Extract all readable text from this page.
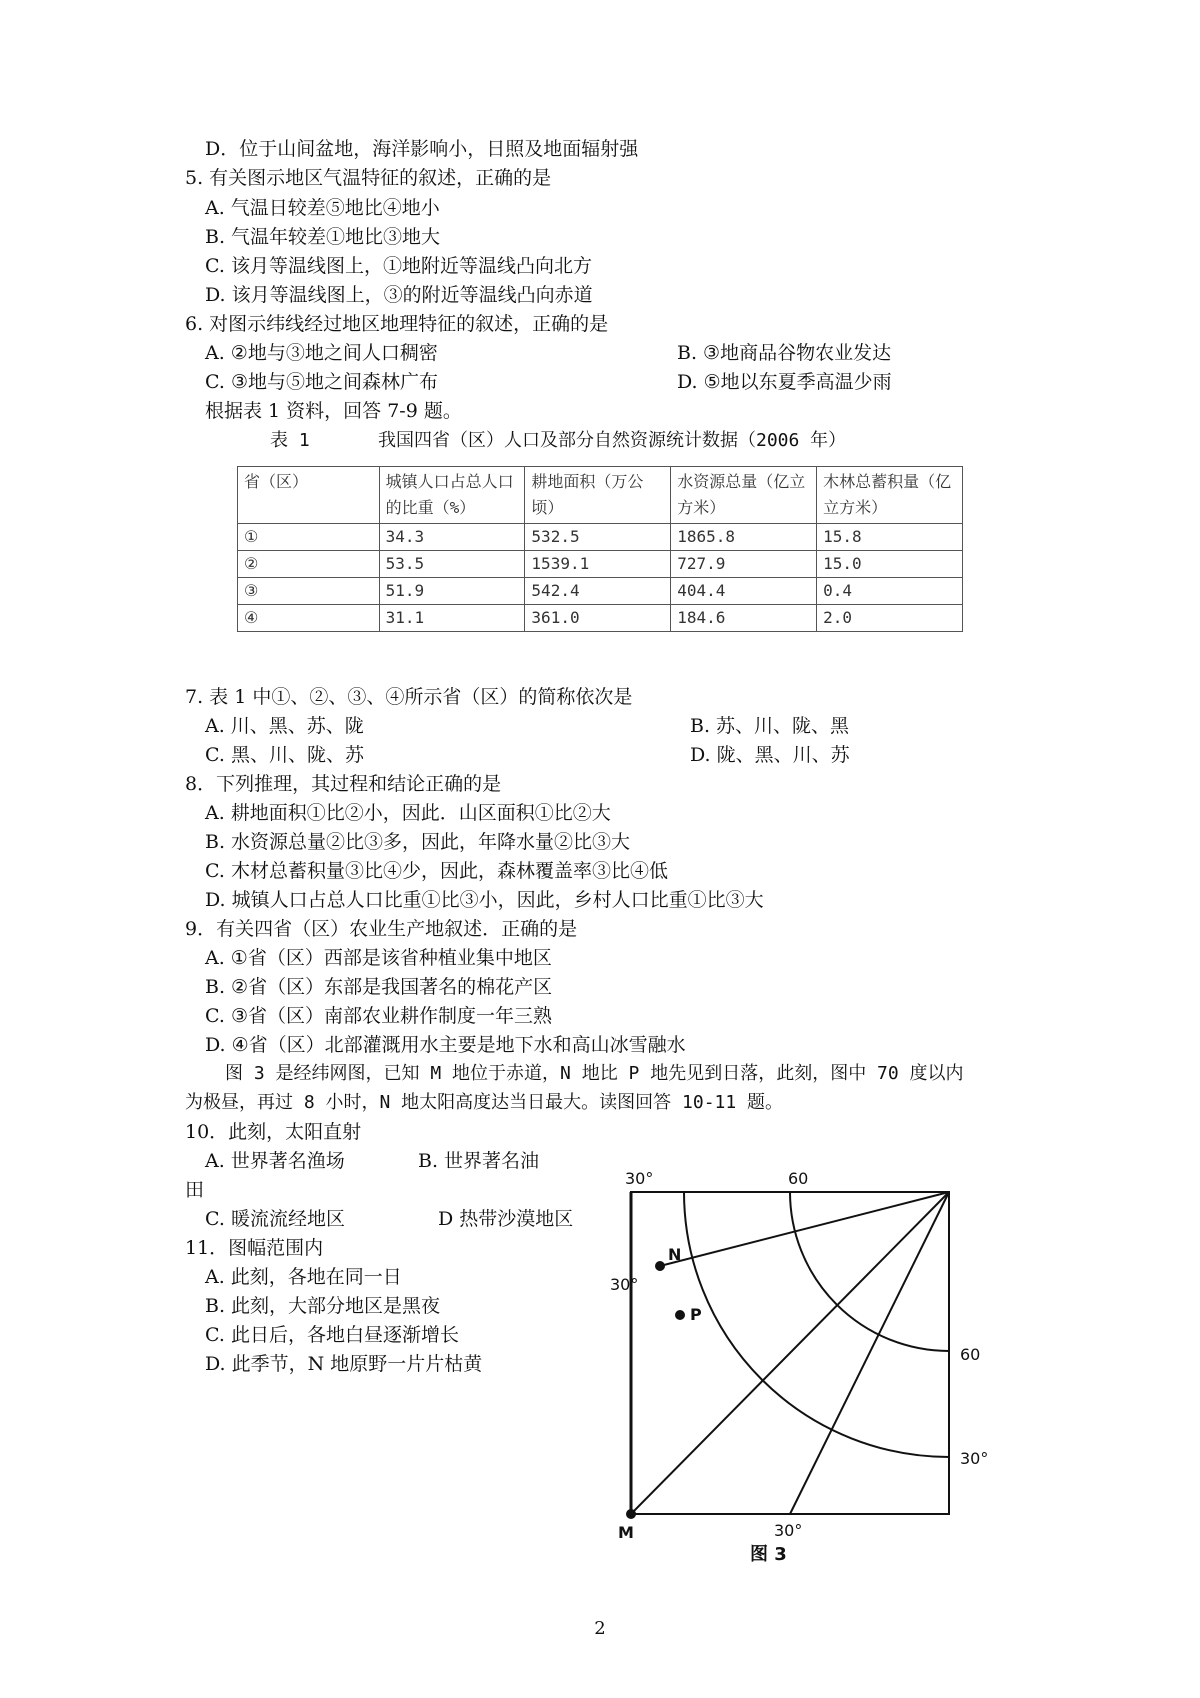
D．位于山间盆地，海洋影响小，日照及地面辐射强
5. 有关图示地区气温特征的叙述，正确的是
A. 气温日较差⑤地比④地小
B. 气温年较差①地比③地大
C. 该月等温线图上，①地附近等温线凸向北方
D. 该月等温线图上，③的附近等温线凸向赤道
6. 对图示纬线经过地区地理特征的叙述，正确的是
A. ②地与③地之间人口稠密	B. ③地商品谷物农业发达
C. ③地与⑤地之间森林广布	D. ⑤地以东夏季高温少雨
根据表 1 资料，回答 7-9 题。
表 1	我国四省（区）人口及部分自然资源统计数据（2006 年）
省（区）	城镇人口占总人口的比重（%）	耕地面积（万公顷）	水资源总量（亿立方米）	木林总蓄积量（亿立方米）
①	34.3	532.5	1865.8	15.8
②	53.5	1539.1	727.9	15.0
③	51.9	542.4	404.4	0.4
④	31.1	361.0	184.6	2.0
7. 表 1 中①、②、③、④所示省（区）的简称依次是
A. 川、黑、苏、陇	B. 苏、川、陇、黑
C. 黑、川、陇、苏	D. 陇、黑、川、苏
8．下列推理，其过程和结论正确的是
A. 耕地面积①比②小，因此．山区面积①比②大
B. 水资源总量②比③多，因此，年降水量②比③大
C. 木材总蓄积量③比④少，因此，森林覆盖率③比④低
D. 城镇人口占总人口比重①比③小，因此，乡村人口比重①比③大
9．有关四省（区）农业生产地叙述．正确的是
A. ①省（区）西部是该省种植业集中地区
B. ②省（区）东部是我国著名的棉花产区
C. ③省（区）南部农业耕作制度一年三熟
D. ④省（区）北部灌溉用水主要是地下水和高山冰雪融水
图 3 是经纬网图，已知 M 地位于赤道，N 地比 P 地先见到日落，此刻，图中 70 度以内
为极昼，再过 8 小时，N 地太阳高度达当日最大。读图回答 10-11 题。
10．此刻，太阳直射
A. 世界著名渔场	B. 世界著名油
田
C. 暖流流经地区	D 热带沙漠地区
11．图幅范围内
A. 此刻，各地在同一日
B. 此刻，大部分地区是黑夜
C. 此日后，各地白昼逐渐增长
D. 此季节，N 地原野一片片枯黄
30°	60
30°
60
30°
30°
N
P
M
图 3
2
